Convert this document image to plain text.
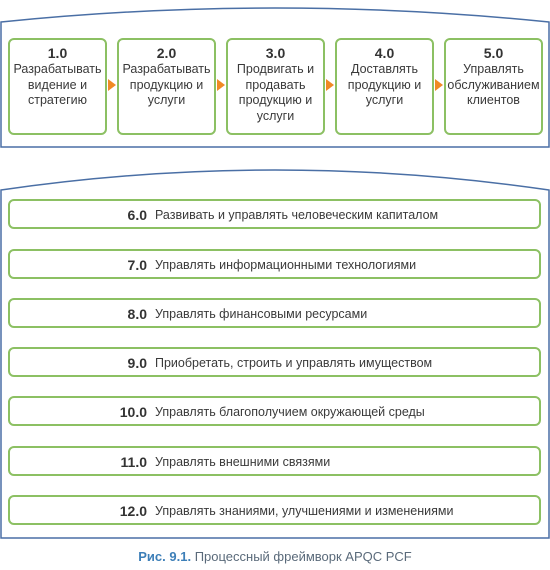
1.0
Разрабатывать видение и стратегию
2.0
Разрабатывать продукцию и услуги
3.0
Продвигать и продавать продукцию и услуги
4.0
Доставлять продукцию и услуги
5.0
Управлять обслуживанием клиентов
6.0 Развивать и управлять человеческим капиталом
7.0 Управлять информационными технологиями
8.0 Управлять финансовыми ресурсами
9.0 Приобретать, строить и управлять имуществом
10.0 Управлять благополучием окружающей среды
11.0 Управлять внешними связями
12.0 Управлять знаниями, улучшениями и изменениями
Рис. 9.1. Процессный фреймворк APQC PCF
